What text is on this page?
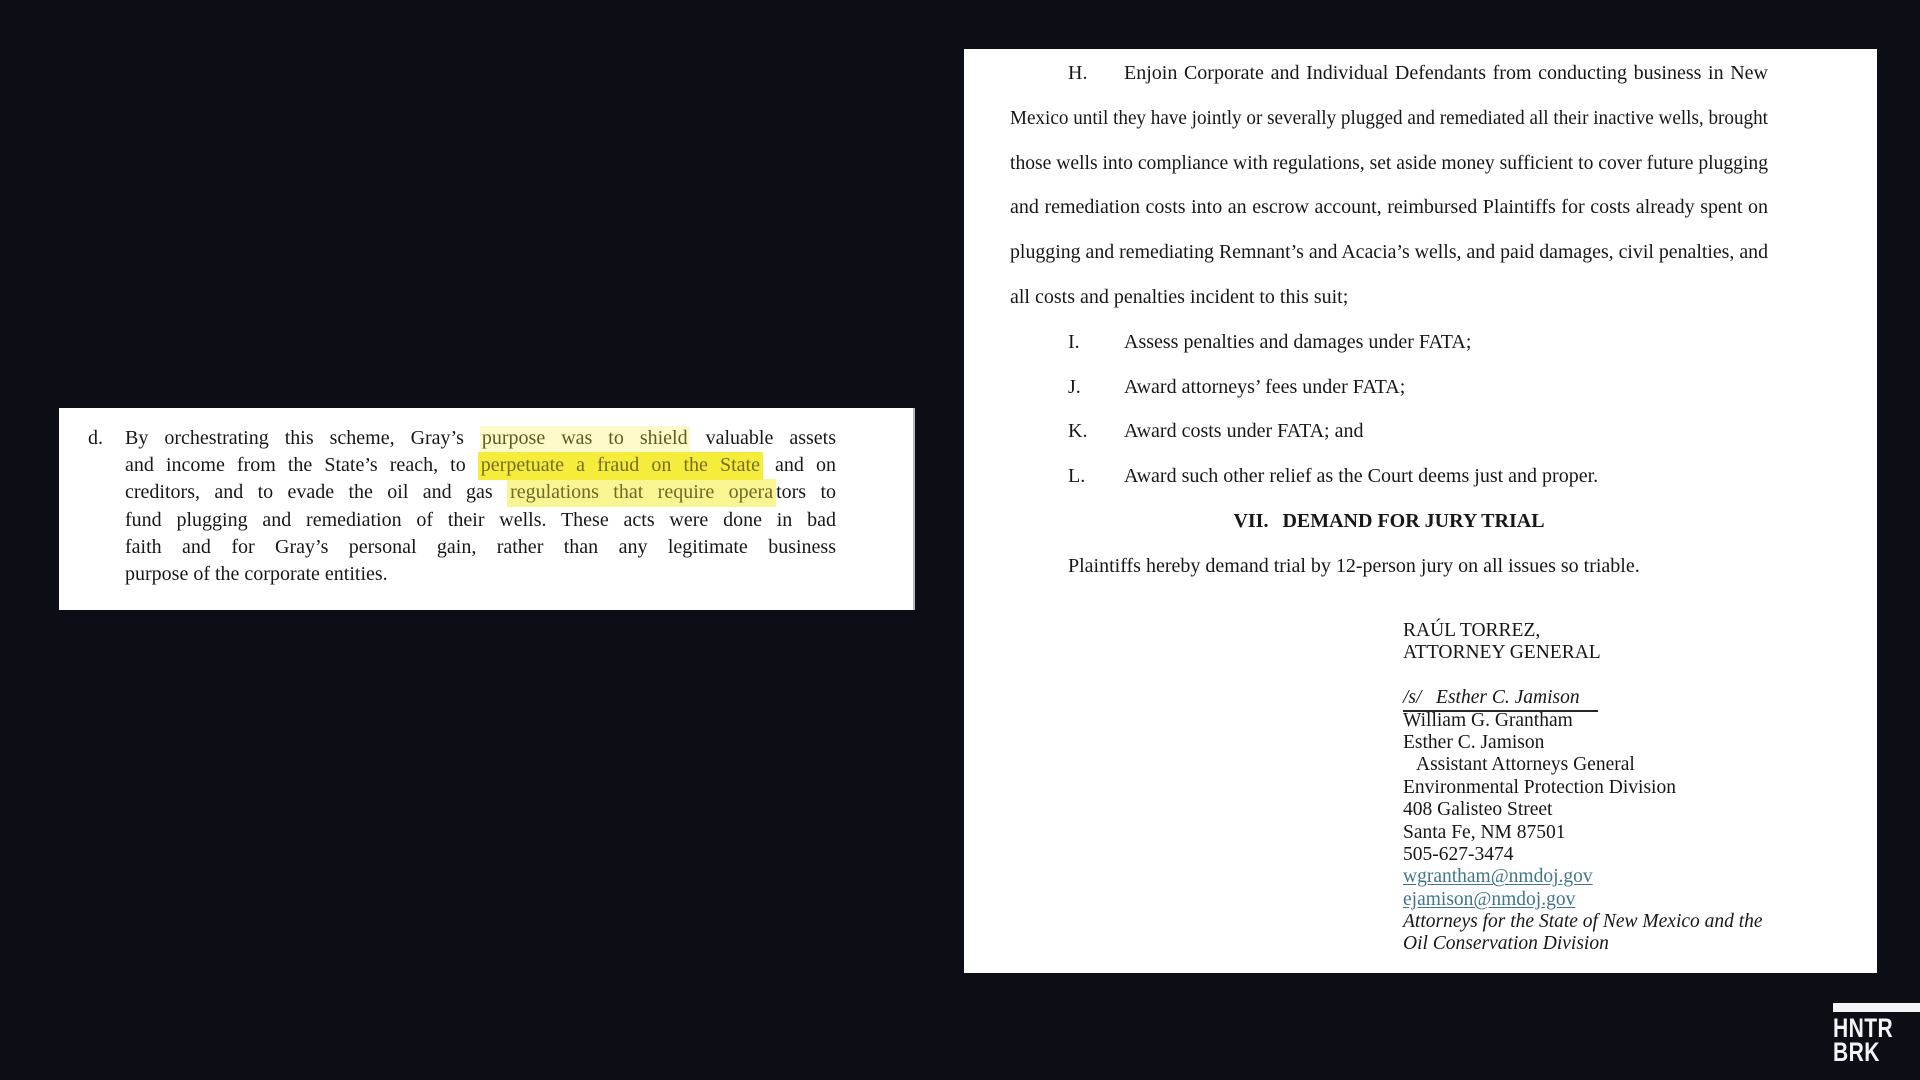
d. By orchestrating this scheme, Gray’s purpose was to shield valuable assets
and income from the State’s reach, to perpetuate a fraud on the State and on
creditors, and to evade the oil and gas regulations that require opera tors to
fund plugging and remediation of their wells. These acts were done in bad
faith and for Gray’s personal gain, rather than any legitimate business
purpose of the corporate entities.
H. Enjoin Corporate and Individual Defendants from conducting business in New
Mexico until they have jointly or severally plugged and remediated all their inactive wells, brought
those wells into compliance with regulations, set aside money sufficient to cover future plugging
and remediation costs into an escrow account, reimbursed Plaintiffs for costs already spent on
plugging and remediating Remnant’s and Acacia’s wells, and paid damages, civil penalties, and
all costs and penalties incident to this suit;
I. Assess penalties and damages under FATA;
J. Award attorneys’ fees under FATA;
K. Award costs under FATA; and
L. Award such other relief as the Court deems just and proper.
VII. DEMAND FOR JURY TRIAL
Plaintiffs hereby demand trial by 12-person jury on all issues so triable.
RAÚL TORREZ,
ATTORNEY GENERAL

/s/   Esther C. Jamison
William G. Grantham
Esther C. Jamison
Assistant Attorneys General
Environmental Protection Division
408 Galisteo Street
Santa Fe, NM 87501
505-627-3474
wgrantham@nmdoj.gov
ejamison@nmdoj.gov
Attorneys for the State of New Mexico and the
Oil Conservation Division
HNTR
BRK
